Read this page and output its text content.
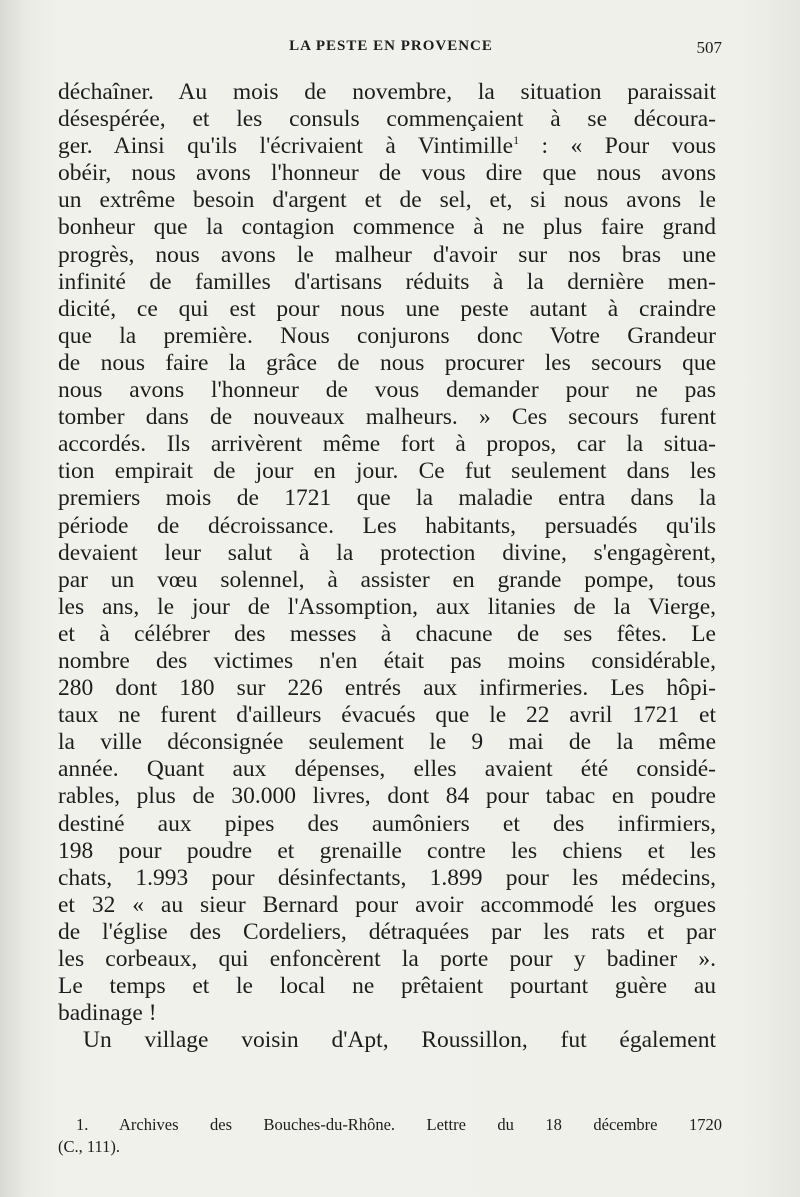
LA PESTE EN PROVENCE	507
déchaîner. Au mois de novembre, la situation paraissait
désespérée, et les consuls commençaient à se découra-
ger. Ainsi qu'ils l'écrivaient à Vintimille$^1$ : « Pour vous
obéir, nous avons l'honneur de vous dire que nous avons
un extrême besoin d'argent et de sel, et, si nous avons le
bonheur que la contagion commence à ne plus faire grand
progrès, nous avons le malheur d'avoir sur nos bras une
infinité de familles d'artisans réduits à la dernière men-
dicité, ce qui est pour nous une peste autant à craindre
que la première. Nous conjurons donc Votre Grandeur
de nous faire la grâce de nous procurer les secours que
nous avons l'honneur de vous demander pour ne pas
tomber dans de nouveaux malheurs. » Ces secours furent
accordés. Ils arrivèrent même fort à propos, car la situa-
tion empirait de jour en jour. Ce fut seulement dans les
premiers mois de 1721 que la maladie entra dans la
période de décroissance. Les habitants, persuadés qu'ils
devaient leur salut à la protection divine, s'engagèrent,
par un vœu solennel, à assister en grande pompe, tous
les ans, le jour de l'Assomption, aux litanies de la Vierge,
et à célébrer des messes à chacune de ses fêtes. Le
nombre des victimes n'en était pas moins considérable,
280 dont 180 sur 226 entrés aux infirmeries. Les hôpi-
taux ne furent d'ailleurs évacués que le 22 avril 1721 et
la ville déconsignée seulement le 9 mai de la même
année. Quant aux dépenses, elles avaient été considé-
rables, plus de 30.000 livres, dont 84 pour tabac en poudre
destiné aux pipes des aumôniers et des infirmiers,
198 pour poudre et grenaille contre les chiens et les
chats, 1.993 pour désinfectants, 1.899 pour les médecins,
et 32 « au sieur Bernard pour avoir accommodé les orgues
de l'église des Cordeliers, détraquées par les rats et par
les corbeaux, qui enfoncèrent la porte pour y badiner ».
Le temps et le local ne prêtaient pourtant guère au
badinage !
Un village voisin d'Apt, Roussillon, fut également
1. Archives des Bouches-du-Rhône. Lettre du 18 décembre 1720
(C., 111).
